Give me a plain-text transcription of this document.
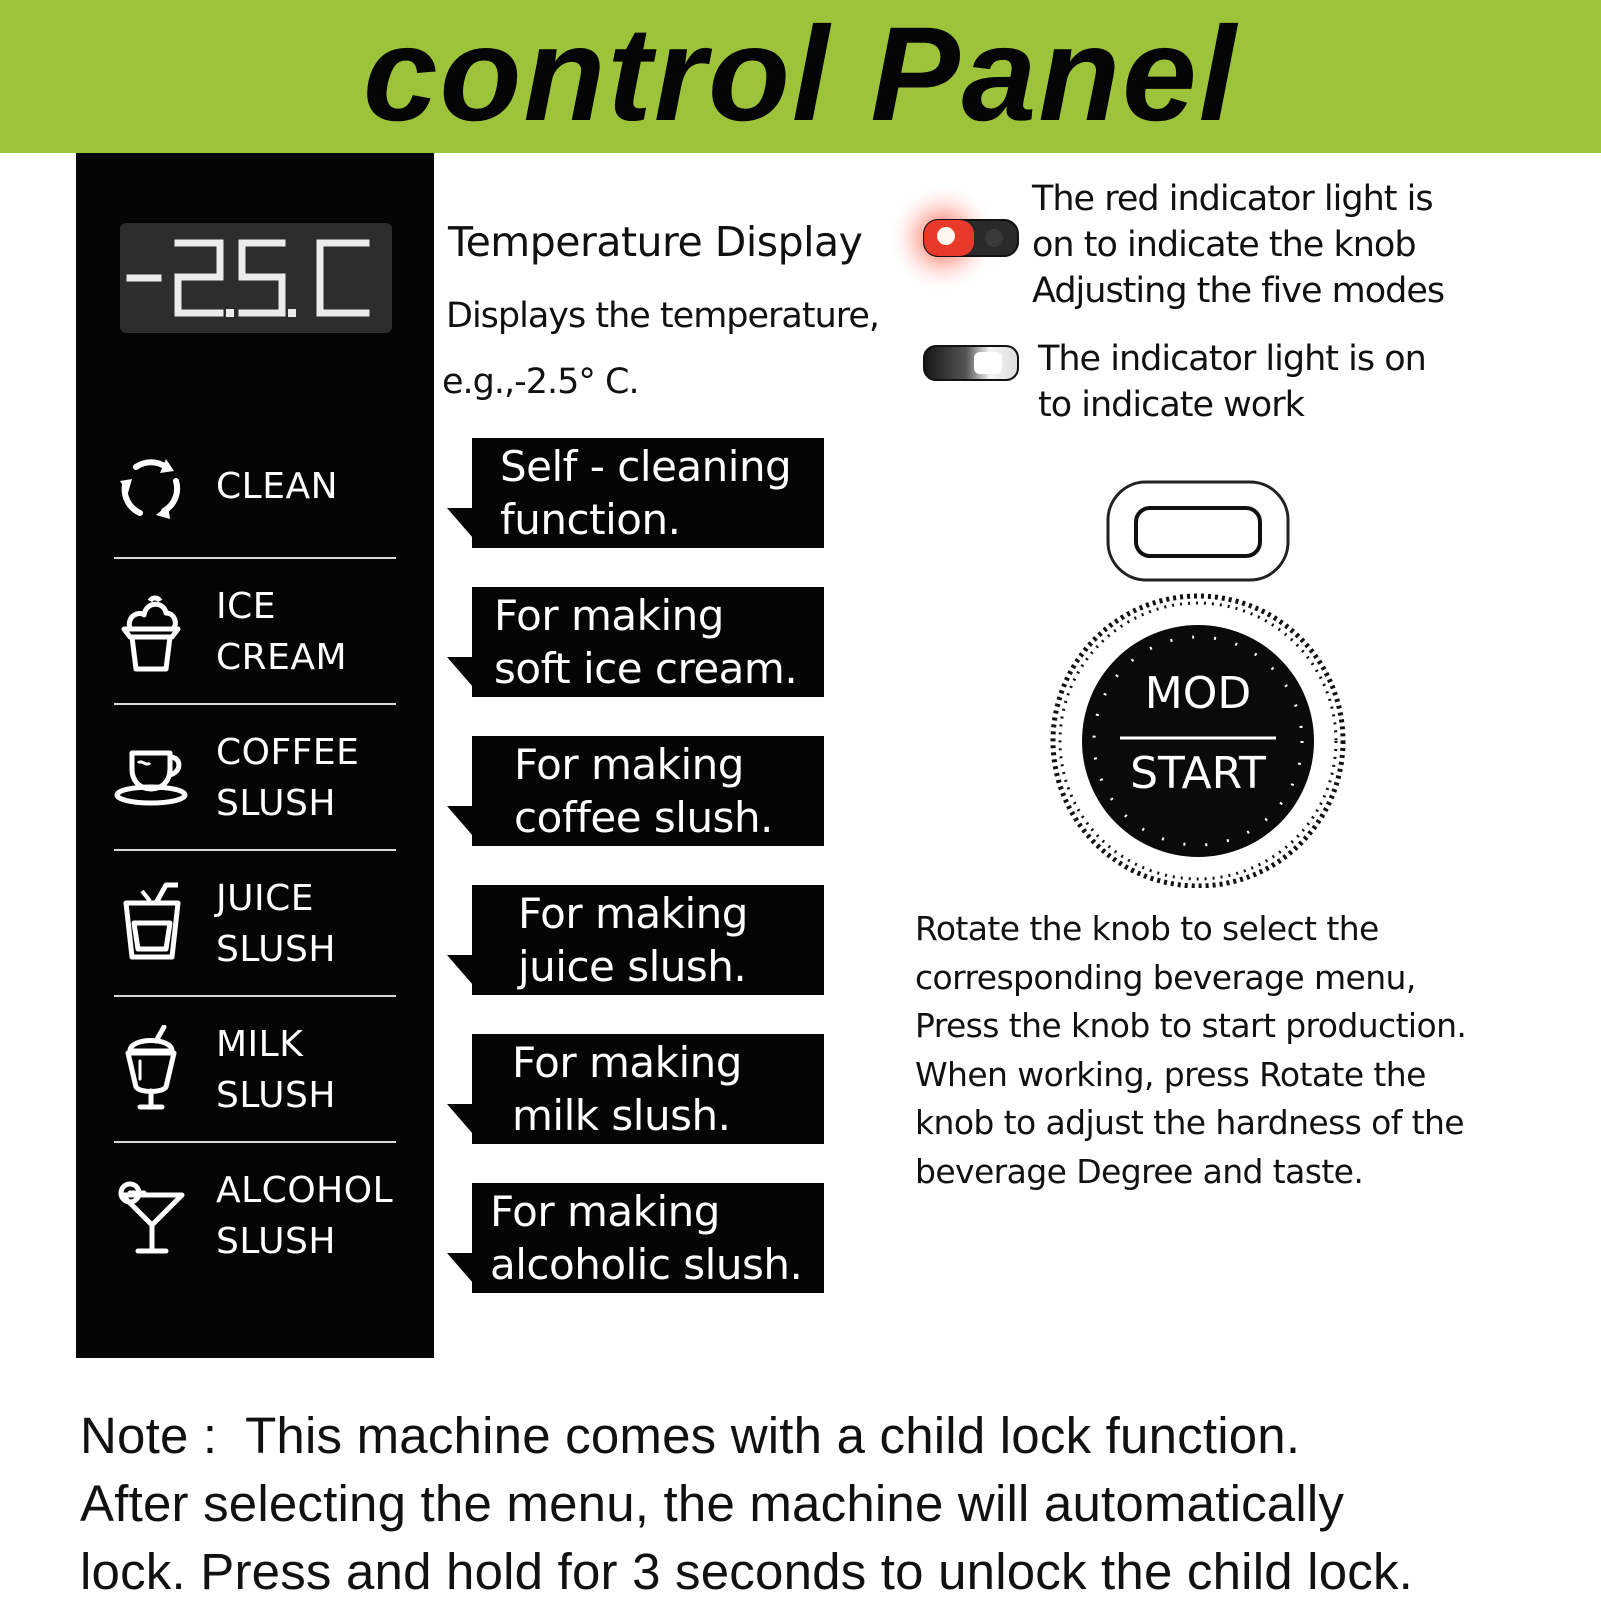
control Panel
CLEAN
ICE
CREAM
COFFEE
SLUSH
JUICE
SLUSH
MILK
SLUSH
ALCOHOL
SLUSH
Self - cleaning
function.
For making
soft ice cream.
For making
coffee slush.
For making
juice slush.
For making
milk slush.
For making
alcoholic slush.
Temperature Display
Displays the temperature,
e.g.,-2.5° C.
The red indicator light is
on to indicate the knob
Adjusting the five modes
The indicator light is on
to indicate work
MOD
START
Rotate the knob to select the
corresponding beverage menu,
Press the knob to start production.
When working, press Rotate the
knob to adjust the hardness of the
beverage Degree and taste.
Note :  This machine comes with a child lock function.
After selecting the menu, the machine will automatically
lock. Press and hold for 3 seconds to unlock the child lock.
